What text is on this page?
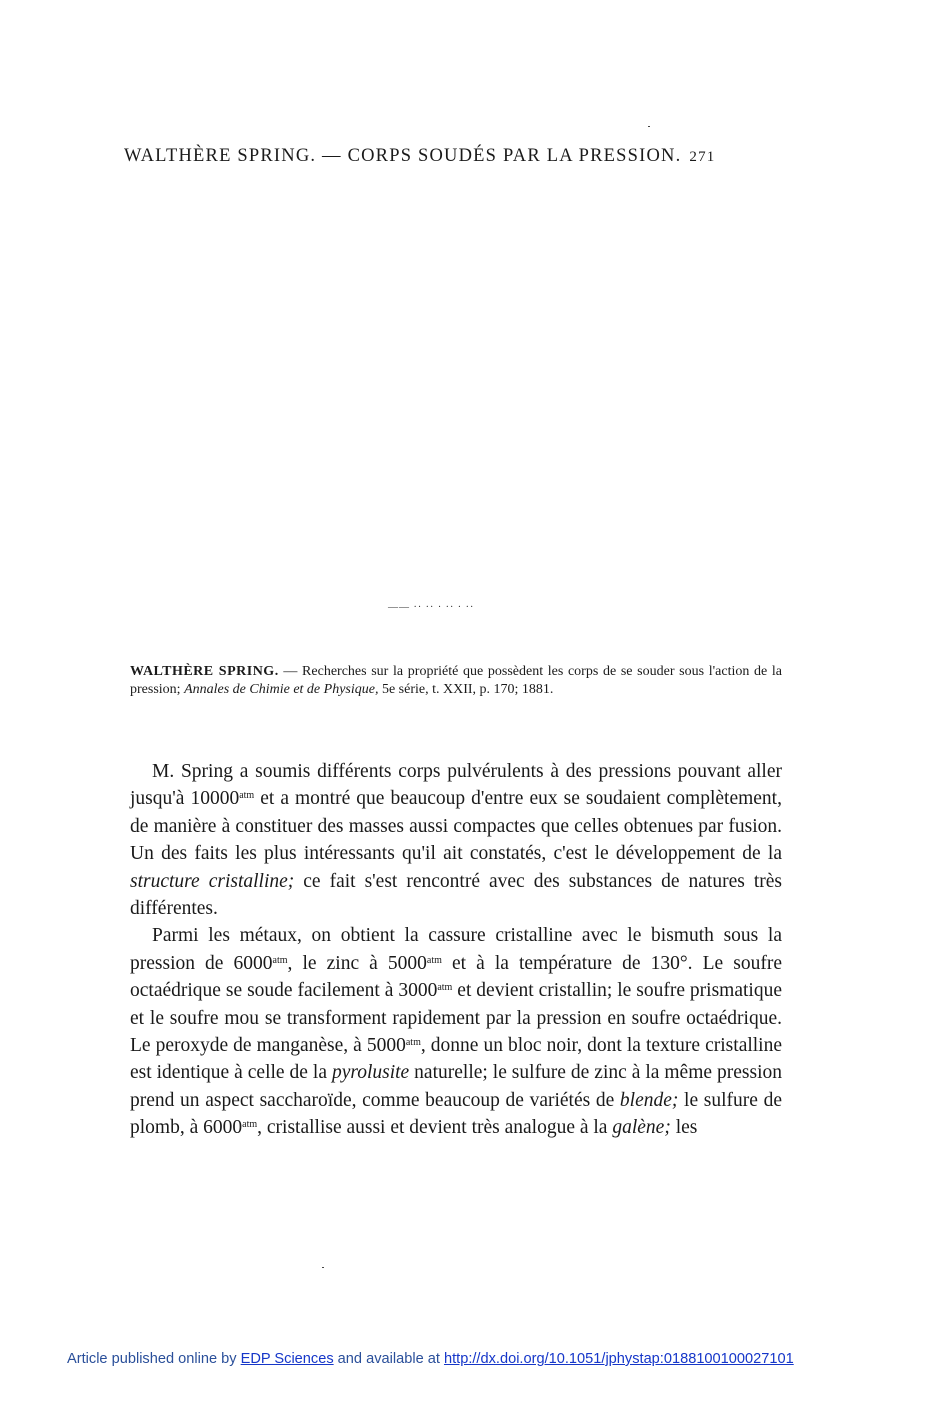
WALTHÈRE SPRING. — CORPS SOUDÉS PAR LA PRESSION. 271
—— ·· ·· · ·· · ··
WALTHÈRE SPRING. — Recherches sur la propriété que possèdent les corps de se souder sous l'action de la pression; Annales de Chimie et de Physique, 5e série, t. XXII, p. 170; 1881.

M. Spring a soumis différents corps pulvérulents à des pressions pouvant aller jusqu'à $10000^{atm}$ et a montré que beaucoup d'entre eux se soudaient complètement, de manière à constituer des masses aussi compactes que celles obtenues par fusion. Un des faits les plus intéressants qu'il ait constatés, c'est le développement de la structure cristalline; ce fait s'est rencontré avec des substances de natures très différentes.

Parmi les métaux, on obtient la cassure cristalline avec le bismuth sous la pression de $6000^{atm}$, le zinc à $5000^{atm}$ et à la température de 130°. Le soufre octaédrique se soude facilement à $3000^{atm}$ et devient cristallin; le soufre prismatique et le soufre mou se transforment rapidement par la pression en soufre octaédrique. Le peroxyde de manganèse, à $5000^{atm}$, donne un bloc noir, dont la texture cristalline est identique à celle de la pyrolusite naturelle; le sulfure de zinc à la même pression prend un aspect saccharoïde, comme beaucoup de variétés de blende; le sulfure de plomb, à $6000^{atm}$, cristallise aussi et devient très analogue à la galène; les

Article published online by EDP Sciences and available at http://dx.doi.org/10.1051/jphystap:0188100100027101
